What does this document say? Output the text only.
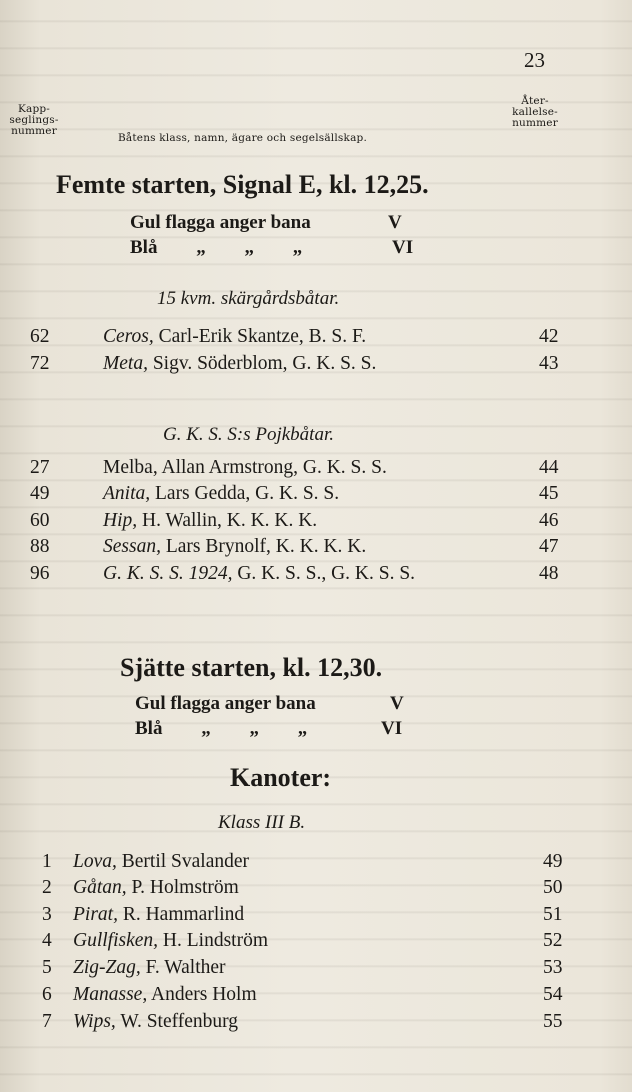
23
Kapp-
seglings-
nummer
Båtens klass, namn, ägare och segelsällskap.
Åter-
kallelse-
nummer
Femte starten, Signal E, kl. 12,25.
Gul flagga anger bana	V
Blå „ „ „	VI
15 kvm. skärgårdsbåtar.
62	Ceros, Carl-Erik Skantze, B. S. F.	42
72	Meta, Sigv. Söderblom, G. K. S. S.	43
G. K. S. S:s Pojkbåtar.
27	Melba, Allan Armstrong, G. K. S. S.	44
49	Anita, Lars Gedda, G. K. S. S.	45
60	Hip, H. Wallin, K. K. K. K.	46
88	Sessan, Lars Brynolf, K. K. K. K.	47
96	G. K. S. S. 1924, G. K. S. S., G. K. S. S.	48
Sjätte starten, kl. 12,30.
Gul flagga anger bana	V
Blå „ „ „	VI
Kanoter:
Klass III B.
1 Lova, Bertil Svalander	49
2 Gåtan, P. Holmström	50
3 Pirat, R. Hammarlind	51
4 Gullfisken, H. Lindström	52
5 Zig-Zag, F. Walther	53
6 Manasse, Anders Holm	54
7 Wips, W. Steffenburg	55
